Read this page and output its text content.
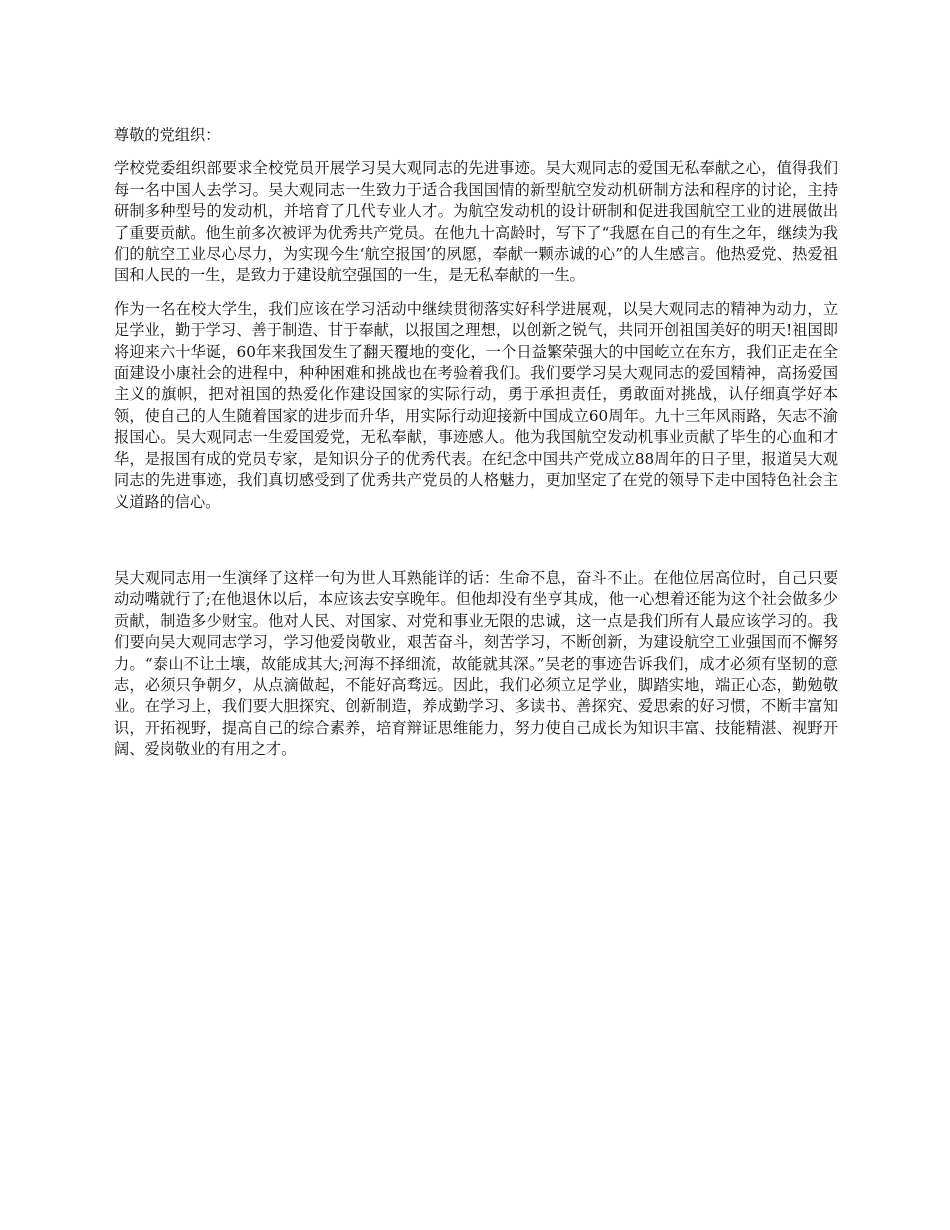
尊敬的党组织：

学校党委组织部要求全校党员开展学习吴大观同志的先进事迹。吴大观同志的爱国无私奉献之心，值得我们每一名中国人去学习。吴大观同志一生致力于适合我国国情的新型航空发动机研制方法和程序的讨论，主持研制多种型号的发动机，并培育了几代专业人才。为航空发动机的设计研制和促进我国航空工业的进展做出了重要贡献。他生前多次被评为优秀共产党员。在他九十高龄时，写下了“我愿在自己的有生之年，继续为我们的航空工业尽心尽力，为实现今生‘航空报国’的夙愿，奉献一颗赤诚的心”的人生感言。他热爱党、热爱祖国和人民的一生，是致力于建设航空强国的一生，是无私奉献的一生。

作为一名在校大学生，我们应该在学习活动中继续贯彻落实好科学进展观，以吴大观同志的精神为动力，立足学业，勤于学习、善于制造、甘于奉献，以报国之理想，以创新之锐气，共同开创祖国美好的明天!祖国即将迎来六十华诞，60年来我国发生了翻天覆地的变化，一个日益繁荣强大的中国屹立在东方，我们正走在全面建设小康社会的进程中，种种困难和挑战也在考验着我们。我们要学习吴大观同志的爱国精神，高扬爱国主义的旗帜，把对祖国的热爱化作建设国家的实际行动，勇于承担责任，勇敢面对挑战，认仔细真学好本领，使自己的人生随着国家的进步而升华，用实际行动迎接新中国成立60周年。九十三年风雨路，矢志不渝报国心。吴大观同志一生爱国爱党，无私奉献，事迹感人。他为我国航空发动机事业贡献了毕生的心血和才华，是报国有成的党员专家，是知识分子的优秀代表。在纪念中国共产党成立88周年的日子里，报道吴大观同志的先进事迹，我们真切感受到了优秀共产党员的人格魅力，更加坚定了在党的领导下走中国特色社会主义道路的信心。

吴大观同志用一生演绎了这样一句为世人耳熟能详的话：生命不息，奋斗不止。在他位居高位时，自己只要动动嘴就行了;在他退休以后，本应该去安享晚年。但他却没有坐亨其成，他一心想着还能为这个社会做多少贡献，制造多少财宝。他对人民、对国家、对党和事业无限的忠诚，这一点是我们所有人最应该学习的。我们要向吴大观同志学习，学习他爱岗敬业，艰苦奋斗，刻苦学习，不断创新，为建设航空工业强国而不懈努力。“泰山不让土壤，故能成其大;河海不择细流，故能就其深。”吴老的事迹告诉我们，成才必须有坚韧的意志，必须只争朝夕，从点滴做起，不能好高骛远。因此，我们必须立足学业，脚踏实地，端正心态，勤勉敬业。在学习上，我们要大胆探究、创新制造，养成勤学习、多读书、善探究、爱思索的好习惯，不断丰富知识，开拓视野，提高自己的综合素养，培育辩证思维能力，努力使自己成长为知识丰富、技能精湛、视野开阔、爱岗敬业的有用之才。
